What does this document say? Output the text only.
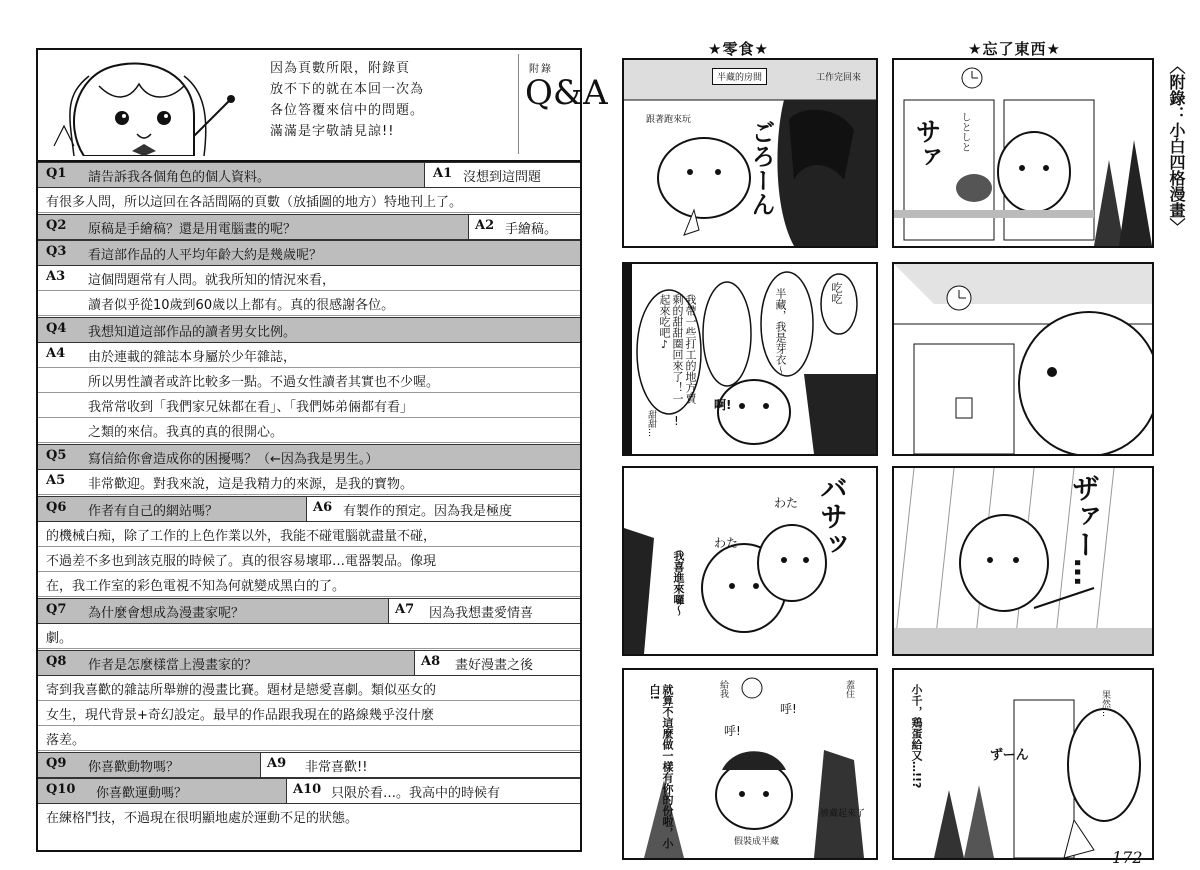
因為頁數所限，附錄頁
放不下的就在本回一次為
各位答覆來信中的問題。
滿滿是字敬請見諒!!
附錄
Q&A
Q1 請告訴我各個角色的個人資料。	A1 沒想到這問題
有很多人問，所以這回在各話間隔的頁數（放插圖的地方）特地刊上了。
Q2 原稿是手繪稿？還是用電腦畫的呢？	A2 手繪稿。
Q3 看這部作品的人平均年齡大約是幾歲呢？
A3 這個問題常有人問。就我所知的情況來看，
讀者似乎從10歲到60歲以上都有。真的很感謝各位。
Q4 我想知道這部作品的讀者男女比例。
A4 由於連載的雜誌本身屬於少年雜誌，
所以男性讀者或許比較多一點。不過女性讀者其實也不少喔。
我常常收到「我們家兄妹都在看」、「我們姊弟倆都有看」
之類的來信。我真的真的很開心。
Q5 寫信給你會造成你的困擾嗎？（←因為我是男生。）
A5 非常歡迎。對我來說，這是我精力的來源，是我的寶物。
Q6 作者有自己的網站嗎？	A6 有製作的預定。因為我是極度
的機械白痴，除了工作的上色作業以外，我能不碰電腦就盡量不碰，
不過差不多也到該克服的時候了。真的很容易壞耶…電器製品。像現
在，我工作室的彩色電視不知為何就變成黑白的了。
Q7 為什麼會想成為漫畫家呢？	A7 因為我想畫愛情喜
劇。
Q8 作者是怎麼樣當上漫畫家的？	A8 畫好漫畫之後
寄到我喜歡的雜誌所舉辦的漫畫比賽。題材是戀愛喜劇。類似巫女的
女生，現代背景+奇幻設定。最早的作品跟我現在的路線幾乎沒什麼
落差。
Q9 你喜歡動物嗎？	A9 非常喜歡!!
Q10 你喜歡運動嗎？	A10 只限於看…。我高中的時候有
在練格鬥技，不過現在很明顯地處於運動不足的狀態。
★零食★	★忘了東西★
〈附錄：小白四格漫畫〉
半藏的房間	工作完回來
跟著跑來玩 ごろーん
半藏，我是芽衣～
我帶一些打工的地方賣剩的甜甜圈回來了！一起來吃吧♪
吃吃
啊!
甜甜… !
バサッ
わた
わた
我喜進來囉～
就算不這麼做一樣有你的份啦，小白!	給我
呼!
呼!
蓋住
假裝成半藏
被藏起來了
サァ	しとしと
ザァー…
小千，鶏蛋給又…!!?	ずーん
果然…
172
